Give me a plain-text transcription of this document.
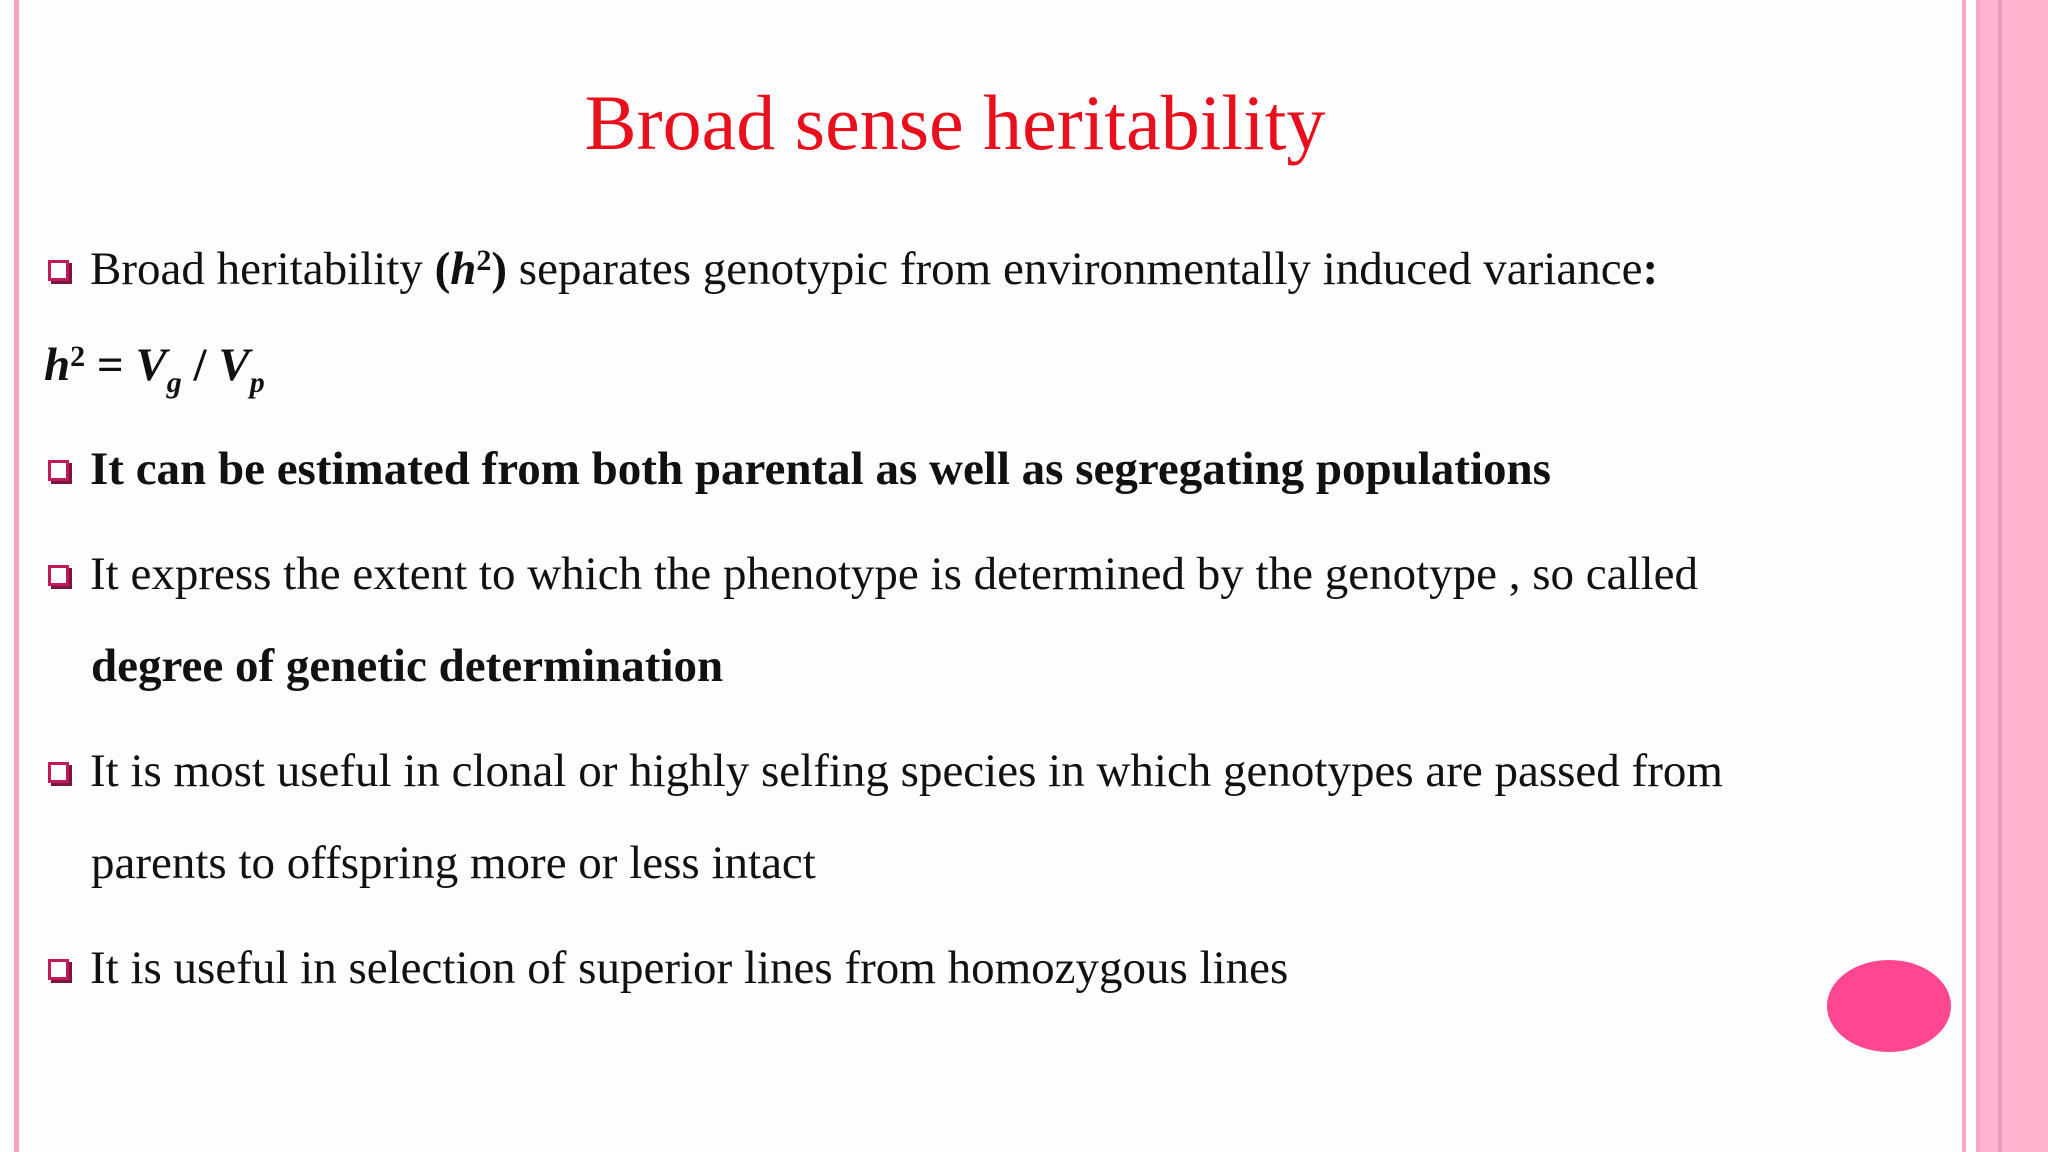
Broad sense heritability
Broad heritability $(h^2)$ separates genotypic from environmentally induced variance:
$h^2 = V_g / V_p$
It can be estimated from both parental as well as segregating populations
It express the extent to which the phenotype is determined by the genotype , so called
degree of genetic determination
It is most useful in clonal or highly selfing species in which genotypes are passed from
parents to offspring more or less intact
It is useful in selection of superior lines from homozygous lines
